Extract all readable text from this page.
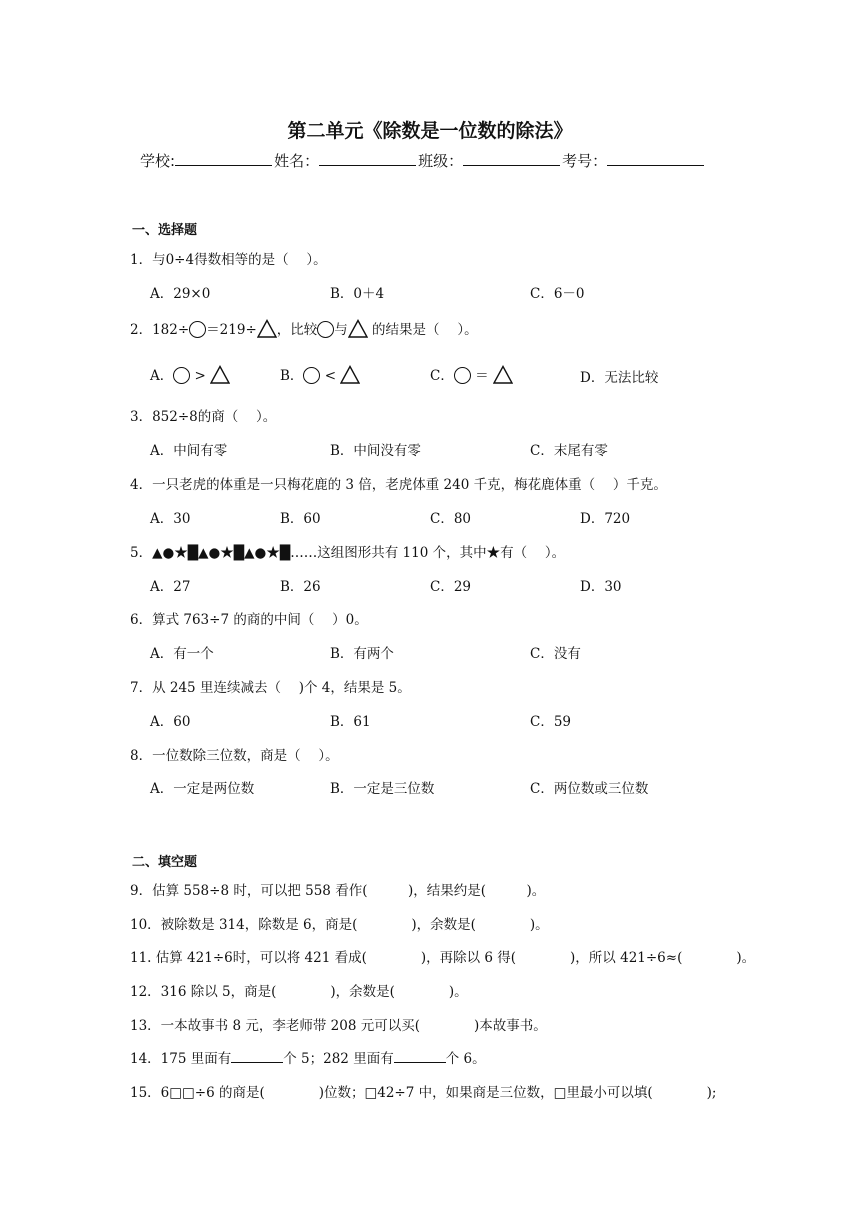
第二单元《除数是一位数的除法》
学校:	姓名：	班级：	考号：
一、选择题
1．与0÷4得数相等的是（　 ）。
A．29×0	B．0＋4	C．6－0
2．182÷ ＝219÷ ，比较 与 的结果是（　 ）。
A． >	B． <	C． ＝	D．无法比较
3．852÷8的商（　 ）。
A．中间有零	B．中间没有零	C．末尾有零
4．一只老虎的体重是一只梅花鹿的 3 倍，老虎体重 240 千克，梅花鹿体重（　 ）千克。
A．30	B．60	C．80	D．720
5．▲●★█▲●★█▲●★█……这组图形共有 110 个，其中★有（　 ）。
A．27	B．26	C．29	D．30
6．算式 763÷7 的商的中间（　 ）0。
A．有一个	B．有两个	C．没有
7．从 245 里连续减去（　 )个 4，结果是 5。
A．60	B．61	C．59
8．一位数除三位数，商是（　 ）。
A．一定是两位数	B．一定是三位数	C．两位数或三位数
二、填空题
9．估算 558÷8 时，可以把 558 看作(　　　)，结果约是(　　　)。
10．被除数是 314，除数是 6，商是(　　　　)，余数是(　　　　)。
11. 估算 421÷6时，可以将 421 看成(　　　　)，再除以 6 得(　　　　)，所以 421÷6≈(　　　　)。
12．316 除以 5，商是(　　　　)，余数是(　　　　)。
13．一本故事书 8 元，李老师带 208 元可以买(　　　　)本故事书。
14．175 里面有	个 5；282 里面有	个 6。
15．6□□÷6 的商是(　　　　)位数；□42÷7 中，如果商是三位数，□里最小可以填(　　　　);
